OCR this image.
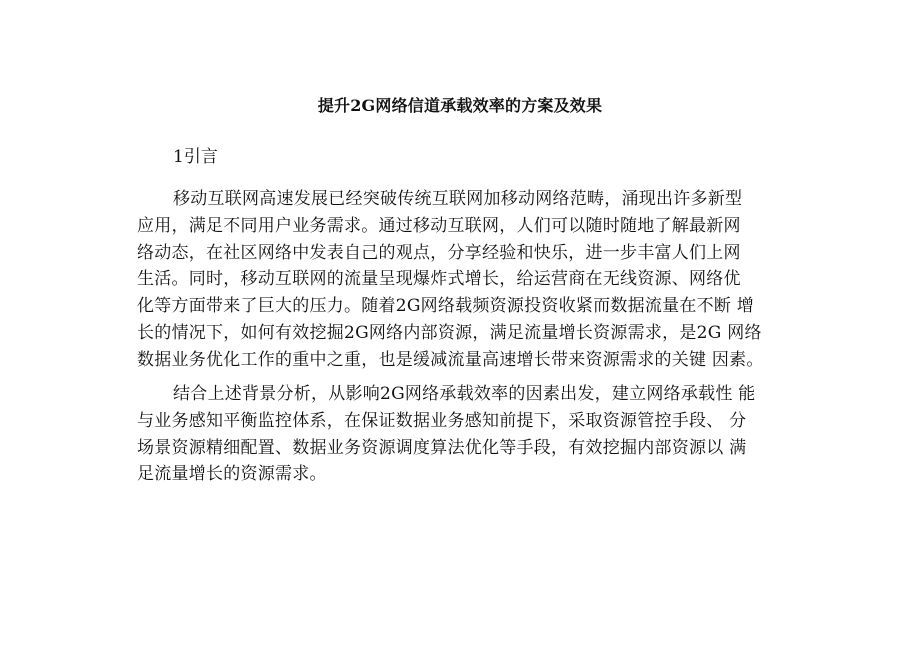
提升2G网络信道承载效率的方案及效果
1引言
移动互联网高速发展已经突破传统互联网加移动网络范畴，涌现出许多新型
应用，满足不同用户业务需求。通过移动互联网，人们可以随时随地了解最新网
络动态，在社区网络中发表自己的观点，分享经验和快乐，进一步丰富人们上网
生活。同时，移动互联网的流量呈现爆炸式增长，给运营商在无线资源、网络优
化等方面带来了巨大的压力。随着2G网络载频资源投资收紧而数据流量在不断 增
长的情况下，如何有效挖掘2G网络内部资源，满足流量增长资源需求，是2G 网络
数据业务优化工作的重中之重，也是缓减流量高速增长带来资源需求的关键 因素。
结合上述背景分析，从影响2G网络承载效率的因素出发，建立网络承载性 能
与业务感知平衡监控体系，在保证数据业务感知前提下，采取资源管控手段、 分
场景资源精细配置、数据业务资源调度算法优化等手段，有效挖掘内部资源以 满
足流量增长的资源需求。
